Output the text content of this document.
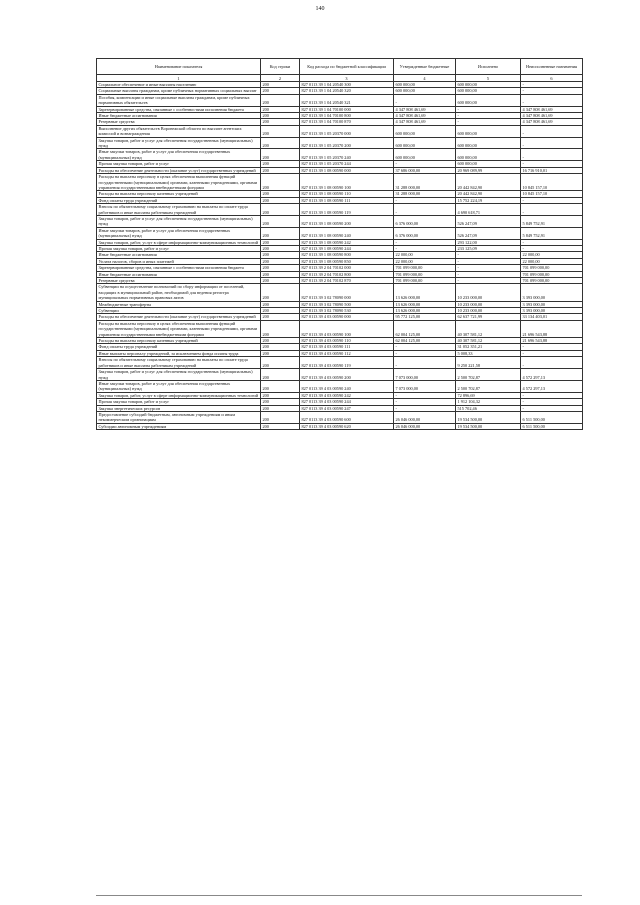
140
Наименование показателя	Код строки	Код расхода по бюджетной классификации	Утвержденные бюджетные	Исполнено	Неисполненные назначения
1	2	3	4	5	6
Социальное обеспечение и иные выплаты населению	200	827 0113 39 1 04 20540 300	600 000,00	600 000,00	-
Социальные выплаты гражданам, кроме публичных нормативных социальных выплат	200	827 0113 39 1 04 20540 320	600 000,00	600 000,00	-
Пособия, компенсации и иные социальные выплаты гражданам, кроме публичных нормативных обязательств	200	827 0113 39 1 04 20540 321	-	600 000,00	-
Зарезервированные средства, связанные с особенностями исполнения бюджета	200	827 0113 39 1 04 70100 000	4 347 808 461,69	-	4 347 808 461,69
Иные бюджетные ассигнования	200	827 0113 39 1 04 70100 800	4 347 808 461,69	-	4 347 808 461,69
Резервные средства	200	827 0113 39 1 04 70100 870	4 347 808 461,69	-	4 347 808 461,69
Выполнение других обязательств Воронежской области по выплате агентских комиссий и вознаграждения	200	827 0113 39 1 05 20370 000	600 000,00	600 000,00	-
Закупка товаров, работ и услуг для обеспечения государственных (муниципальных) нужд	200	827 0113 39 1 05 20370 200	600 000,00	600 000,00	-
Иные закупки товаров, работ и услуг для обеспечения государственных (муниципальных) нужд	200	827 0113 39 1 05 20370 240	600 000,00	600 000,00	-
Прочая закупка товаров, работ и услуг	200	827 0113 39 1 05 20370 244	-	600 000,00	-
Расходы на обеспечение деятельности (оказание услуг) государственных учреждений	200	827 0113 39 1 08 00590 000	37 686 000,00	20 969 089,99	16 716 910,01
Расходы на выплаты персоналу в целях обеспечения выполнения функций государственными (муниципальными) органами, казенными учреждениями, органами управления государственными внебюджетными фондами	200	827 0113 39 1 08 00590 100	31 288 000,00	20 442 842,90	10 845 157,10
Расходы на выплаты персоналу казенных учреждений	200	827 0113 39 1 08 00590 110	31 288 000,00	20 442 842,90	10 845 157,10
Фонд оплаты труда учреждений	200	827 0113 39 1 08 00590 111	-	15 752 224,19	-
Взносы по обязательному социальному страхованию на выплаты по оплате труда работников и иные выплаты работникам учреждений	200	827 0113 39 1 08 00590 119	-	4 690 618,71	-
Закупка товаров, работ и услуг для обеспечения государственных (муниципальных) нужд	200	827 0113 39 1 08 00590 200	6 376 000,00	526 247,09	5 849 752,91
Иные закупки товаров, работ и услуг для обеспечения государственных (муниципальных) нужд	200	827 0113 39 1 08 00590 240	6 376 000,00	526 247,09	5 849 752,91
Закупка товаров, работ, услуг в сфере информационно-коммуникационных технологий	200	827 0113 39 1 08 00590 242	-	293 122,00	-
Прочая закупка товаров, работ и услуг	200	827 0113 39 1 08 00590 244	-	233 125,09	-
Иные бюджетные ассигнования	200	827 0113 39 1 08 00590 800	22 000,00	-	22 000,00
Уплата налогов, сборов и иных платежей	200	827 0113 39 1 08 00590 850	22 000,00	-	22 000,00
Зарезервированные средства, связанные с особенностями исполнения бюджета	200	827 0113 39 2 04 70102 000	701 099 000,00	-	701 099 000,00
Иные бюджетные ассигнования	200	827 0113 39 2 04 70102 800	701 099 000,00	-	701 099 000,00
Резервные средства	200	827 0113 39 2 04 70102 870	701 099 000,00	-	701 099 000,00
Субвенции на осуществление полномочий по сбору информации от поселений, входящих в муниципальный район, необходимой для ведения регистра муниципальных нормативных правовых актов	200	827 0113 39 3 02 78090 000	13 626 000,00	10 233 000,00	3 393 000,00
Межбюджетные трансферты	200	827 0113 39 3 02 78090 500	13 626 000,00	10 233 000,00	3 393 000,00
Субвенции	200	827 0113 39 3 02 78090 530	13 626 000,00	10 233 000,00	3 393 000,00
Расходы на обеспечение деятельности (оказание услуг) государственных учреждений	200	827 0113 39 4 03 00590 000	95 772 125,00	62 637 721,99	33 134 403,01
Расходы на выплаты персоналу в целях обеспечения выполнения функций государственными (муниципальными) органами, казенными учреждениями, органами управления государственными внебюджетными фондами	200	827 0113 39 4 03 00590 100	62 004 125,00	40 307 581,12	21 696 543,88
Расходы на выплаты персоналу казенных учреждений	200	827 0113 39 4 03 00590 110	62 004 125,00	40 307 581,12	21 696 543,88
Фонд оплаты труда учреждений	200	827 0113 39 4 03 00590 111	-	31 052 351,21	-
Иные выплаты персоналу учреждений, за исключением фонда оплаты труда	200	827 0113 39 4 03 00590 112	-	5 008,33	-
Взносы по обязательному социальному страхованию на выплаты по оплате труда работников и иные выплаты работникам учреждений	200	827 0113 39 4 03 00590 119	-	9 250 221,58	-
Закупка товаров, работ и услуг для обеспечения государственных (муниципальных) нужд	200	827 0113 39 4 03 00590 200	7 073 000,00	2 500 702,87	4 572 297,13
Иные закупки товаров, работ и услуг для обеспечения государственных (муниципальных) нужд	200	827 0113 39 4 03 00590 240	7 073 000,00	2 500 702,87	4 572 297,13
Закупка товаров, работ, услуг в сфере информационно-коммуникационных технологий	200	827 0113 39 4 03 00590 242	-	72 896,69	-
Прочая закупка товаров, работ и услуг	200	827 0113 39 4 03 00590 244	-	1 912 104,32	-
Закупка энергетических ресурсов	200	827 0113 39 4 03 00590 247	-	515 702,46	-
Предоставление субсидий бюджетным, автономным учреждениям и иным некоммерческим организациям	200	827 0113 39 4 03 00590 600	26 046 000,00	19 534 500,00	6 511 500,00
Субсидии автономным учреждениям	200	827 0113 39 4 03 00590 620	26 046 000,00	19 534 500,00	6 511 500,00
